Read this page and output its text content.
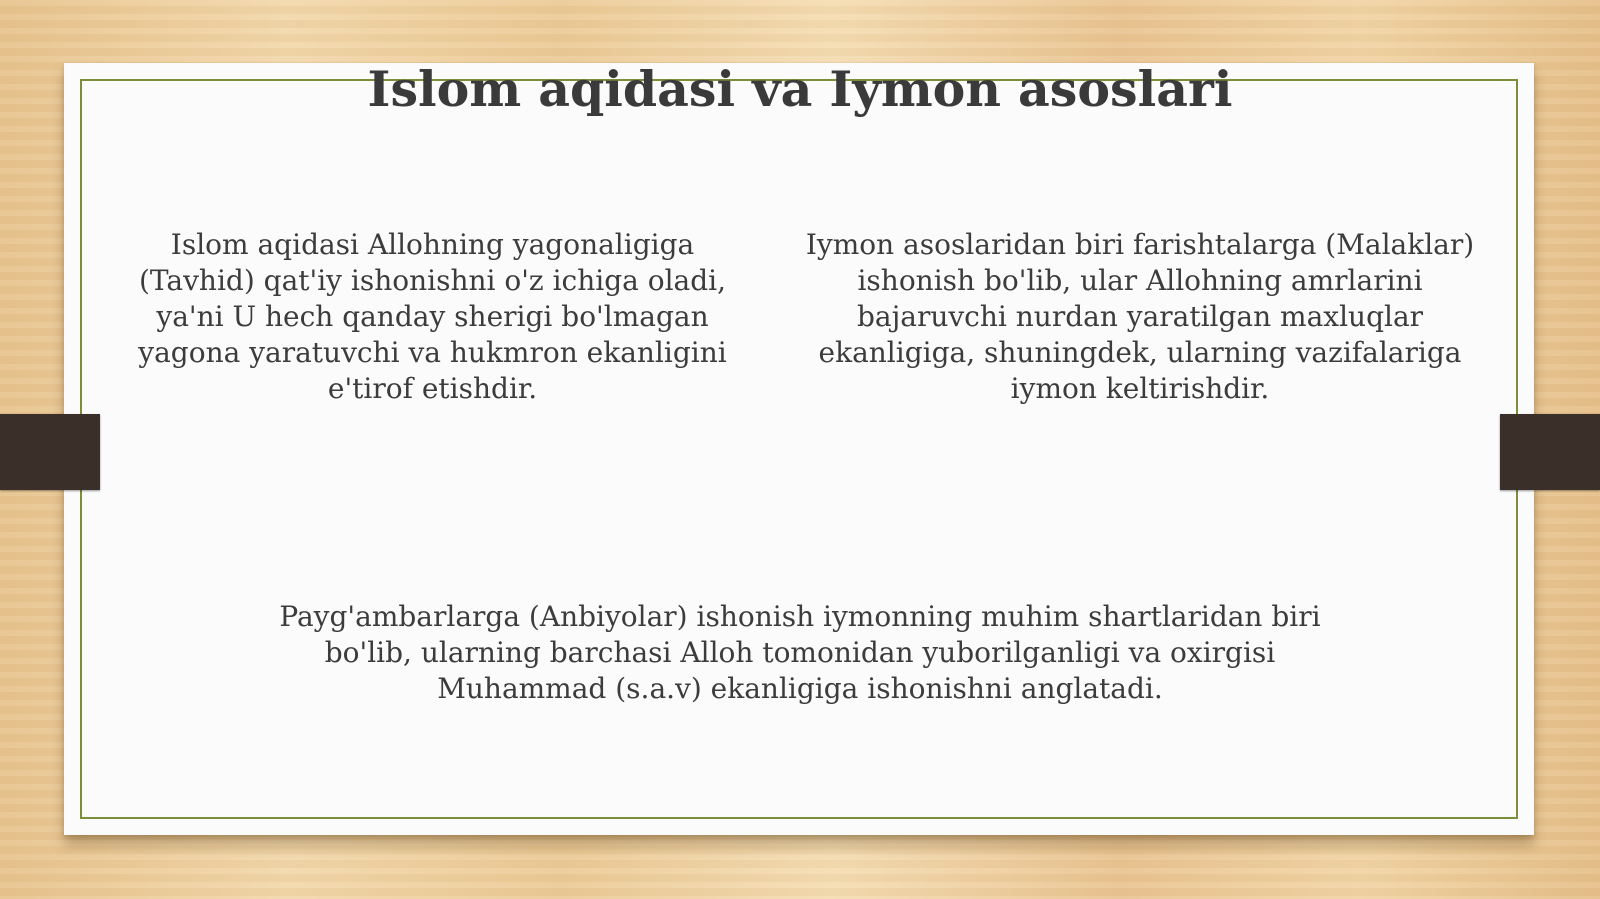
Islom aqidasi va Iymon asoslari

Islom aqidasi Allohning yagonaligiga (Tavhid) qat'iy ishonishni o'z ichiga oladi, ya'ni U hech qanday sherigi bo'lmagan yagona yaratuvchi va hukmron ekanligini e'tirof etishdir.

Iymon asoslaridan biri farishtalarga (Malaklar) ishonish bo'lib, ular Allohning amrlarini bajaruvchi nurdan yaratilgan maxluqlar ekanligiga, shuningdek, ularning vazifalariga iymon keltirishdir.

Payg'ambarlarga (Anbiyolar) ishonish iymonning muhim shartlaridan biri bo'lib, ularning barchasi Alloh tomonidan yuborilganligi va oxirgisi Muhammad (s.a.v) ekanligiga ishonishni anglatadi.
